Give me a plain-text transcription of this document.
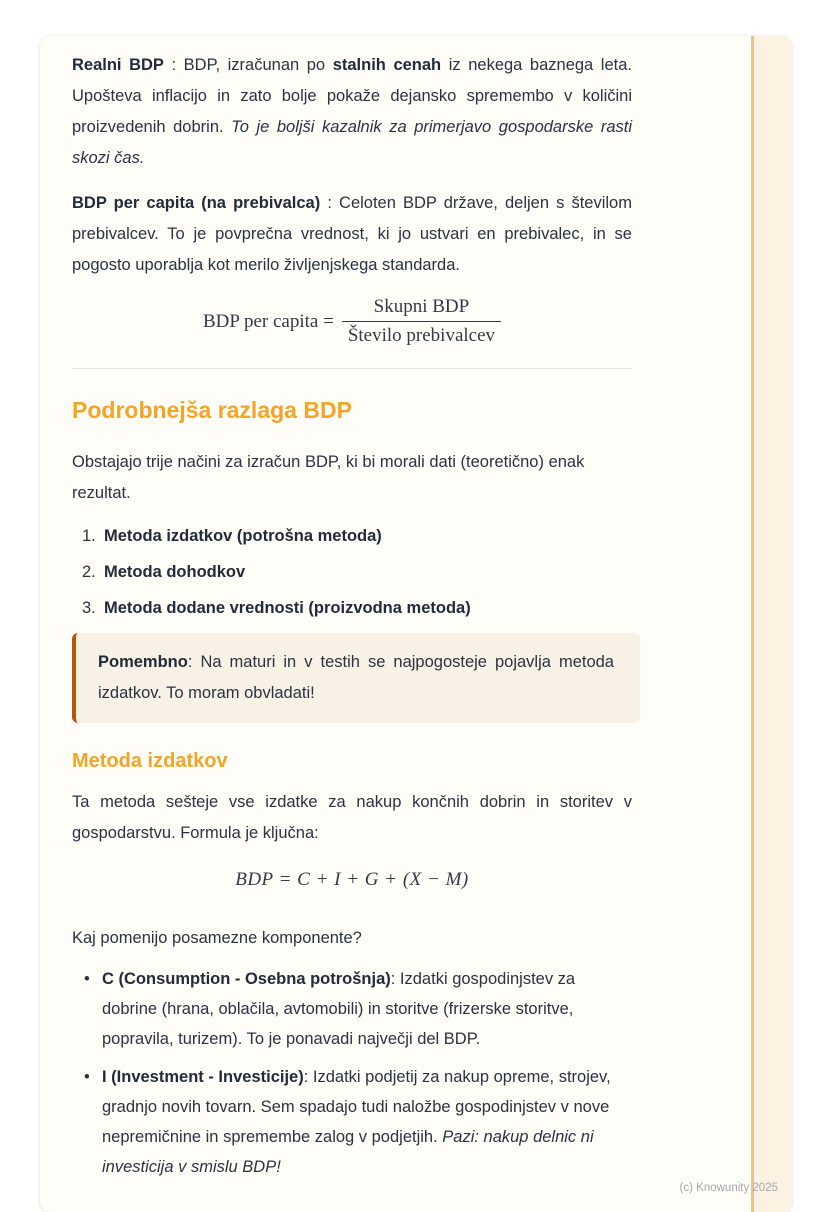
Realni BDP : BDP, izračunan po stalnih cenah iz nekega baznega leta. Upošteva inflacijo in zato bolje pokaže dejansko spremembo v količini proizvedenih dobrin. To je boljši kazalnik za primerjavo gospodarske rasti skozi čas.

BDP per capita (na prebivalca) : Celoten BDP države, deljen s številom prebivalcev. To je povprečna vrednost, ki jo ustvari en prebivalec, in se pogosto uporablja kot merilo življenjskega standarda.

BDP per capita = $\frac{\text{Skupni BDP}}{\text{Število prebivalcev}}$
Podrobnejša razlaga BDP

Obstajajo trije načini za izračun BDP, ki bi morali dati (teoretično) enak rezultat.

1. Metoda izdatkov (potrošna metoda)
2. Metoda dohodkov
3. Metoda dodane vrednosti (proizvodna metoda)

Pomembno: Na maturi in v testih se najpogosteje pojavlja metoda izdatkov. To moram obvladati!

Metoda izdatkov

Ta metoda sešteje vse izdatke za nakup končnih dobrin in storitev v gospodarstvu. Formula je ključna:

BDP = C + I + G + (X − M)

Kaj pomenijo posamezne komponente?

• C (Consumption - Osebna potrošnja): Izdatki gospodinjstev za dobrine (hrana, oblačila, avtomobili) in storitve (frizerske storitve, popravila, turizem). To je ponavadi največji del BDP.
• I (Investment - Investicije): Izdatki podjetij za nakup opreme, strojev, gradnjo novih tovarn. Sem spadajo tudi naložbe gospodinjstev v nove nepremičnine in spremembe zalog v podjetjih. Pazi: nakup delnic ni investicija v smislu BDP!
(c) Knowunity 2025
